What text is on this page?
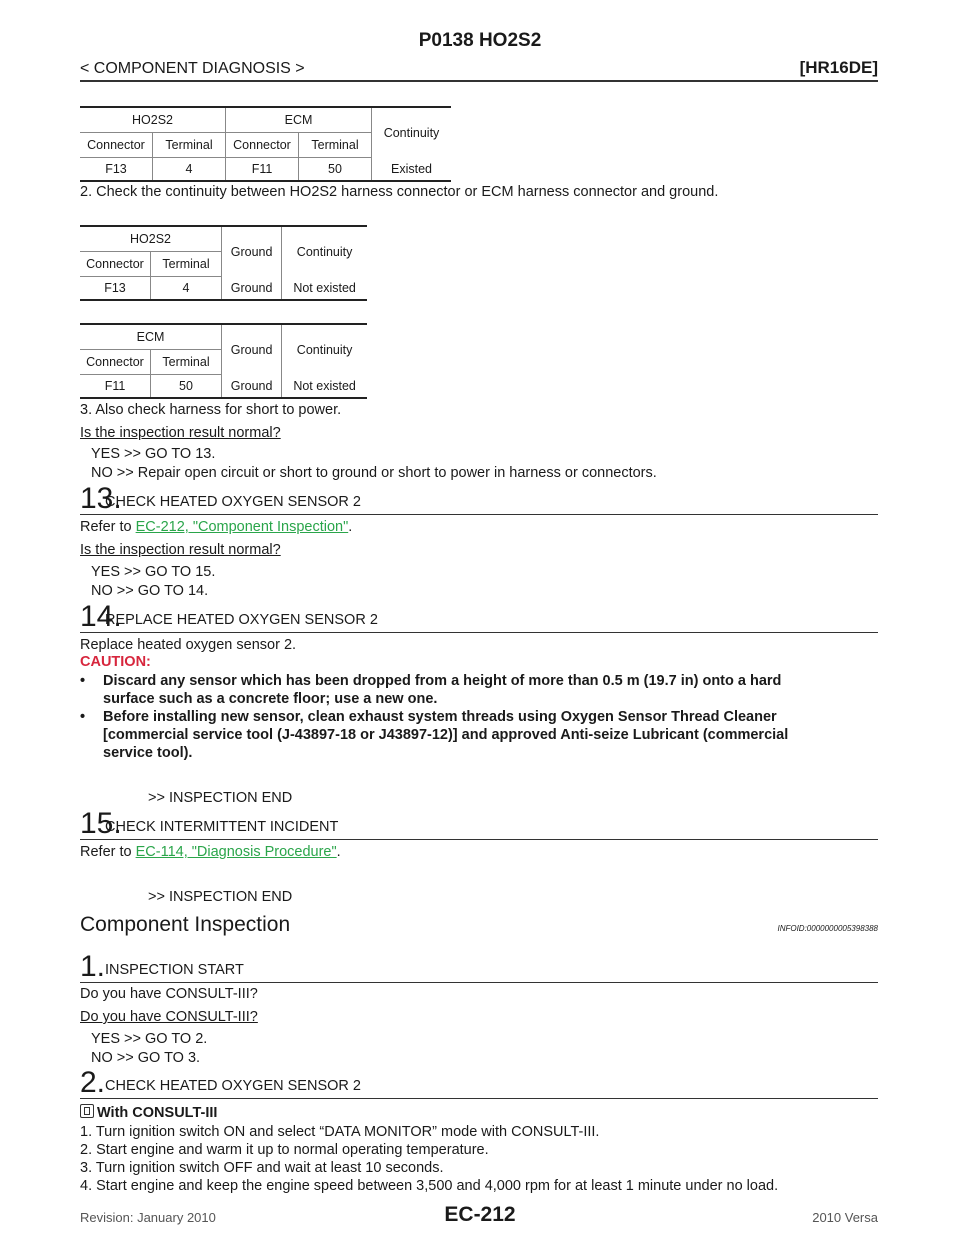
P0138 HO2S2
< COMPONENT DIAGNOSIS >	[HR16DE]
HO2S2		ECM		Continuity
Connector	Terminal	Connector	Terminal	
F13	4	F11	50	Existed
2. Check the continuity between HO2S2 harness connector or ECM harness connector and ground.
HO2S2		Ground	Continuity
Connector	Terminal		
F13	4	Ground	Not existed
ECM		Ground	Continuity
Connector	Terminal		
F11	50	Ground	Not existed
3. Also check harness for short to power.
Is the inspection result normal?
YES >> GO TO 13.
NO >> Repair open circuit or short to ground or short to power in harness or connectors.
13.
CHECK HEATED OXYGEN SENSOR 2
Refer to EC-212, "Component Inspection".
Is the inspection result normal?
YES >> GO TO 15.
NO >> GO TO 14.
14.
REPLACE HEATED OXYGEN SENSOR 2
Replace heated oxygen sensor 2.
CAUTION:
•	Discard any sensor which has been dropped from a height of more than 0.5 m (19.7 in) onto a hard
surface such as a concrete floor; use a new one.
•	Before installing new sensor, clean exhaust system threads using Oxygen Sensor Thread Cleaner
[commercial service tool (J-43897-18 or J43897-12)] and approved Anti-seize Lubricant (commercial
service tool).
>> INSPECTION END
15.
CHECK INTERMITTENT INCIDENT
Refer to EC-114, "Diagnosis Procedure".
>> INSPECTION END
Component Inspection	INFOID:0000000005398388
1. INSPECTION START
Do you have CONSULT-III?
Do you have CONSULT-III?
YES >> GO TO 2.
NO >> GO TO 3.
2. CHECK HEATED OXYGEN SENSOR 2
With CONSULT-III
1. Turn ignition switch ON and select “DATA MONITOR” mode with CONSULT-III.
2. Start engine and warm it up to normal operating temperature.
3. Turn ignition switch OFF and wait at least 10 seconds.
4. Start engine and keep the engine speed between 3,500 and 4,000 rpm for at least 1 minute under no load.
Revision: January 2010	EC-212	2010 Versa
